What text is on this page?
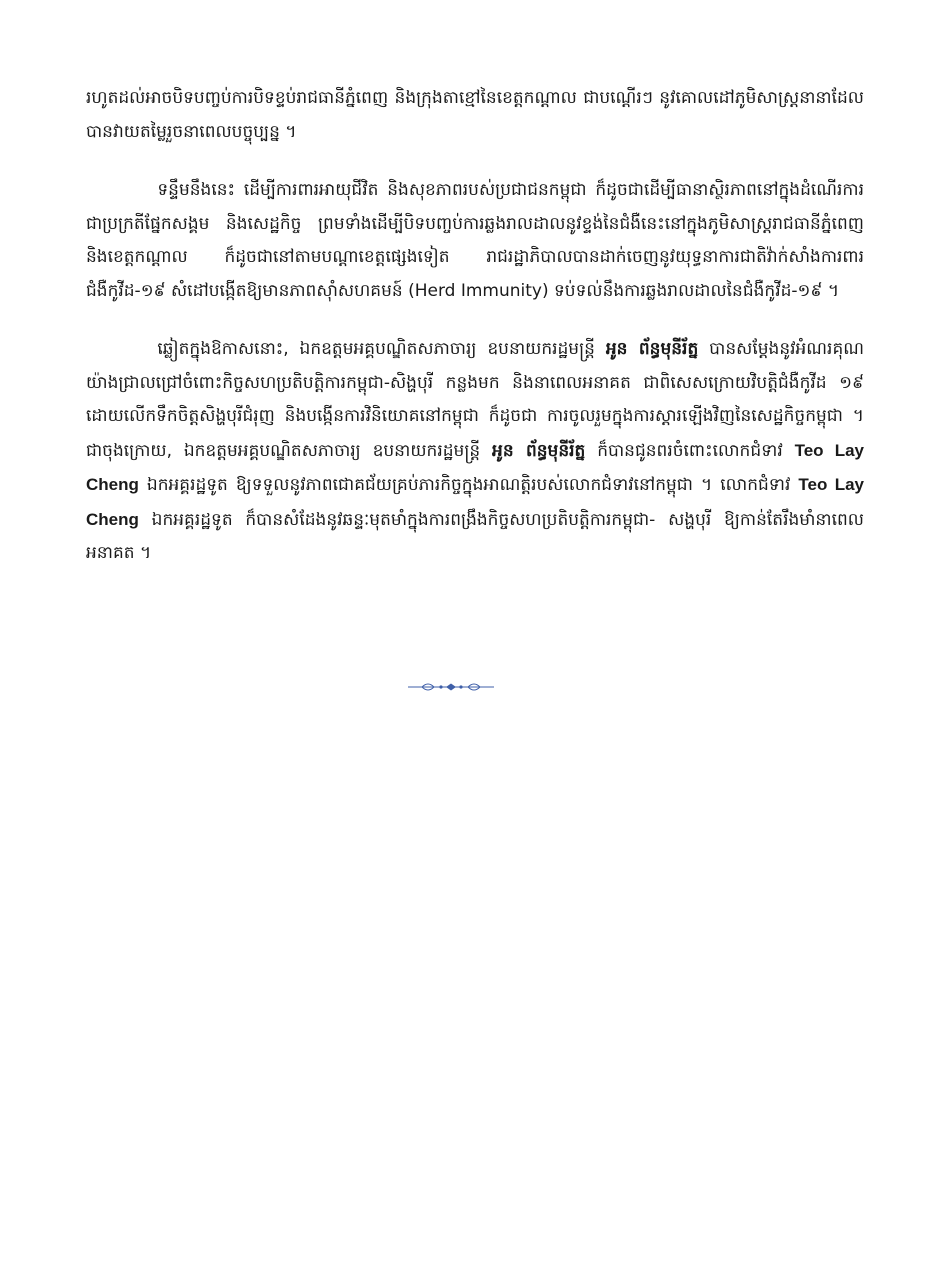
រហូតដល់អាចបិទបញ្ចប់ការបិទខ្ទប់រាជធានីភ្នំពេញ និងក្រុងតាខ្មៅនៃខេត្តកណ្តាល ជាបណ្តើរៗ នូវគោលដៅភូមិសាស្ត្រនានាដែលបានវាយតម្លៃរួចនាពេលបច្ចុប្បន្ន ។

ទន្ទឹមនឹងនេះ ដើម្បីការពារអាយុជីវិត និងសុខភាពរបស់ប្រជាជនកម្ពុជា ក៏ដូចជាដើម្បីធានាស្ថិរភាពនៅក្នុងដំណើរការជាប្រក្រតីផ្នែកសង្គម និងសេដ្ឋកិច្ច ព្រមទាំងដើម្បីបិទបញ្ចប់ការឆ្លងរាលដាលនូវខ្ទង់នៃជំងឺនេះនៅក្នុងភូមិសាស្ត្ររាជធានីភ្នំពេញ និងខេត្តកណ្តាល ក៏ដូចជានៅតាមបណ្តាខេត្តផ្សេងទៀត រាជរដ្ឋាភិបាលបានដាក់ចេញនូវយុទ្ធនាការជាតិវ៉ាក់សាំងការពារជំងឺកូវីដ-១៩ សំដៅបង្កើតឱ្យមានភាពស៊ាំសហគមន៍ (Herd Immunity) ទប់ទល់នឹងការឆ្លងរាលដាលនៃជំងឺកូវីដ-១៩ ។

ឆ្លៀតក្នុងឱកាសនោះ, ឯកឧត្តមអគ្គបណ្ឌិតសភាចារ្យ ឧបនាយករដ្ឋមន្ត្រី អូន ព័ន្ធមុនីរ័ត្ន បានសម្តែងនូវអំណរគុណយ៉ាងជ្រាលជ្រៅចំពោះកិច្ចសហប្រតិបត្តិការកម្ពុជា-សិង្ហបុរី កន្លងមក និងនាពេលអនាគត ជាពិសេសក្រោយវិបត្តិជំងឺកូវីដ ១៩ ដោយលើកទឹកចិត្តសិង្ហបុរីជំរុញ និងបង្កើនការវិនិយោគនៅកម្ពុជា ក៏ដូចជា ការចូលរួមក្នុងការស្តារឡើងវិញនៃសេដ្ឋកិច្ចកម្ពុជា ។ ជាចុងក្រោយ, ឯកឧត្តមអគ្គបណ្ឌិតសភាចារ្យ ឧបនាយករដ្ឋមន្ត្រី អូន ព័ន្ធមុនីរ័ត្ន ក៏បានជូនពរចំពោះលោកជំទាវ Teo Lay Cheng ឯកអគ្គរដ្ឋទូត ឱ្យទទួលនូវភាពជោគជ័យគ្រប់ភារកិច្ចក្នុងអាណត្តិរបស់លោកជំទាវនៅកម្ពុជា ។ លោកជំទាវ Teo Lay Cheng ឯកអគ្គរដ្ឋទូត ក៏បានសំដែងនូវឆន្ទៈមុតមាំក្នុងការពង្រឹងកិច្ចសហប្រតិបត្តិការកម្ពុជា- សង្ហបុរី ឱ្យកាន់តែរឹងមាំនាពេលអនាគត ។
